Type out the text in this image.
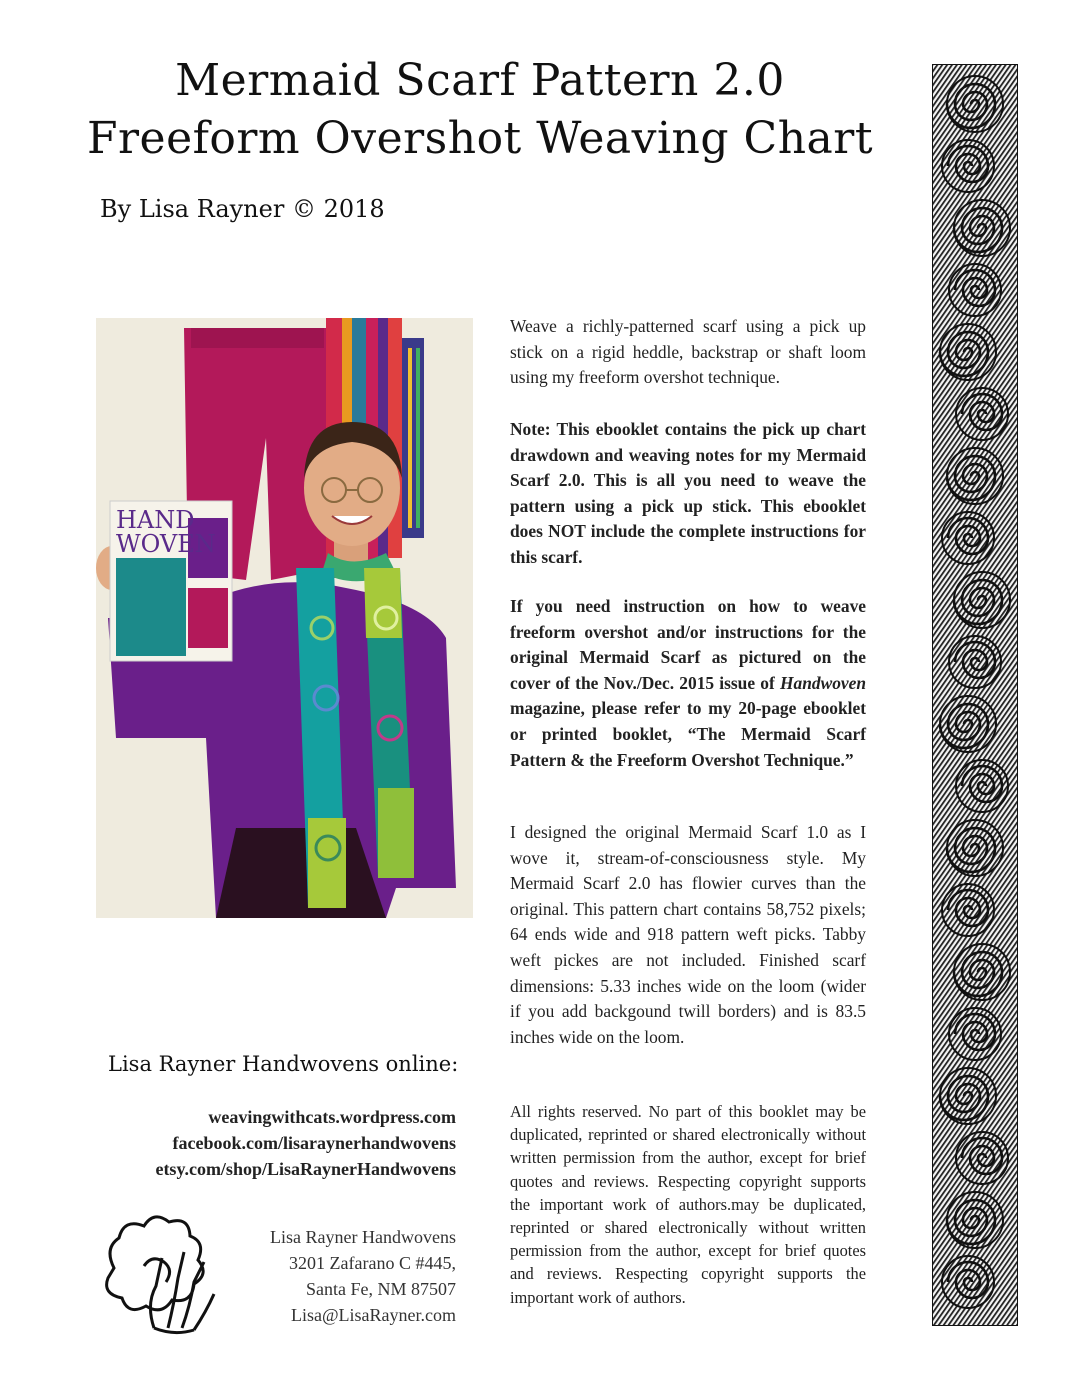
Mermaid Scarf Pattern 2.0
Freeform Overshot Weaving Chart
By Lisa Rayner © 2018
HAND
WOVEN
Weave a richly-patterned scarf using a pick up stick on a rigid heddle, backstrap or shaft loom using my freeform overshot technique.
Note: This ebooklet contains the pick up chart drawdown and weaving notes for my Mermaid Scarf 2.0. This is all you need to weave the pattern using a pick up stick. This ebooklet does NOT include the complete instructions for this scarf.
If you need instruction on how to weave freeform overshot and/or instructions for the original Mermaid Scarf as pictured on the cover of the Nov./Dec. 2015 issue of Handwoven magazine, please refer to my 20-page ebooklet or printed booklet, “The Mermaid Scarf Pattern & the Freeform Overshot Technique.”
I designed the original Mermaid Scarf 1.0 as I wove it, stream-of-consciousness style. My Mermaid Scarf 2.0 has flowier curves than the original. This pattern chart contains 58,752 pixels; 64 ends wide and 918 pattern weft picks. Tabby weft pickes are not included. Finished scarf dimensions: 5.33 inches wide on the loom (wider if you add backgound twill borders) and is 83.5 inches wide on the loom.
All rights reserved. No part of this booklet may be duplicated, reprinted or shared electronically without written permission from the author, except for brief quotes and reviews. Respecting copyright supports the important work of authors.may be duplicated, reprinted or shared electronically without written permission from the author, except for brief quotes and reviews. Respecting copyright supports the important work of authors.
Lisa Rayner Handwovens online:
weavingwithcats.wordpress.com
facebook.com/lisaraynerhandwovens
etsy.com/shop/LisaRaynerHandwovens
Lisa Rayner Handwovens
3201 Zafarano C #445,
Santa Fe, NM 87507
Lisa@LisaRayner.com
